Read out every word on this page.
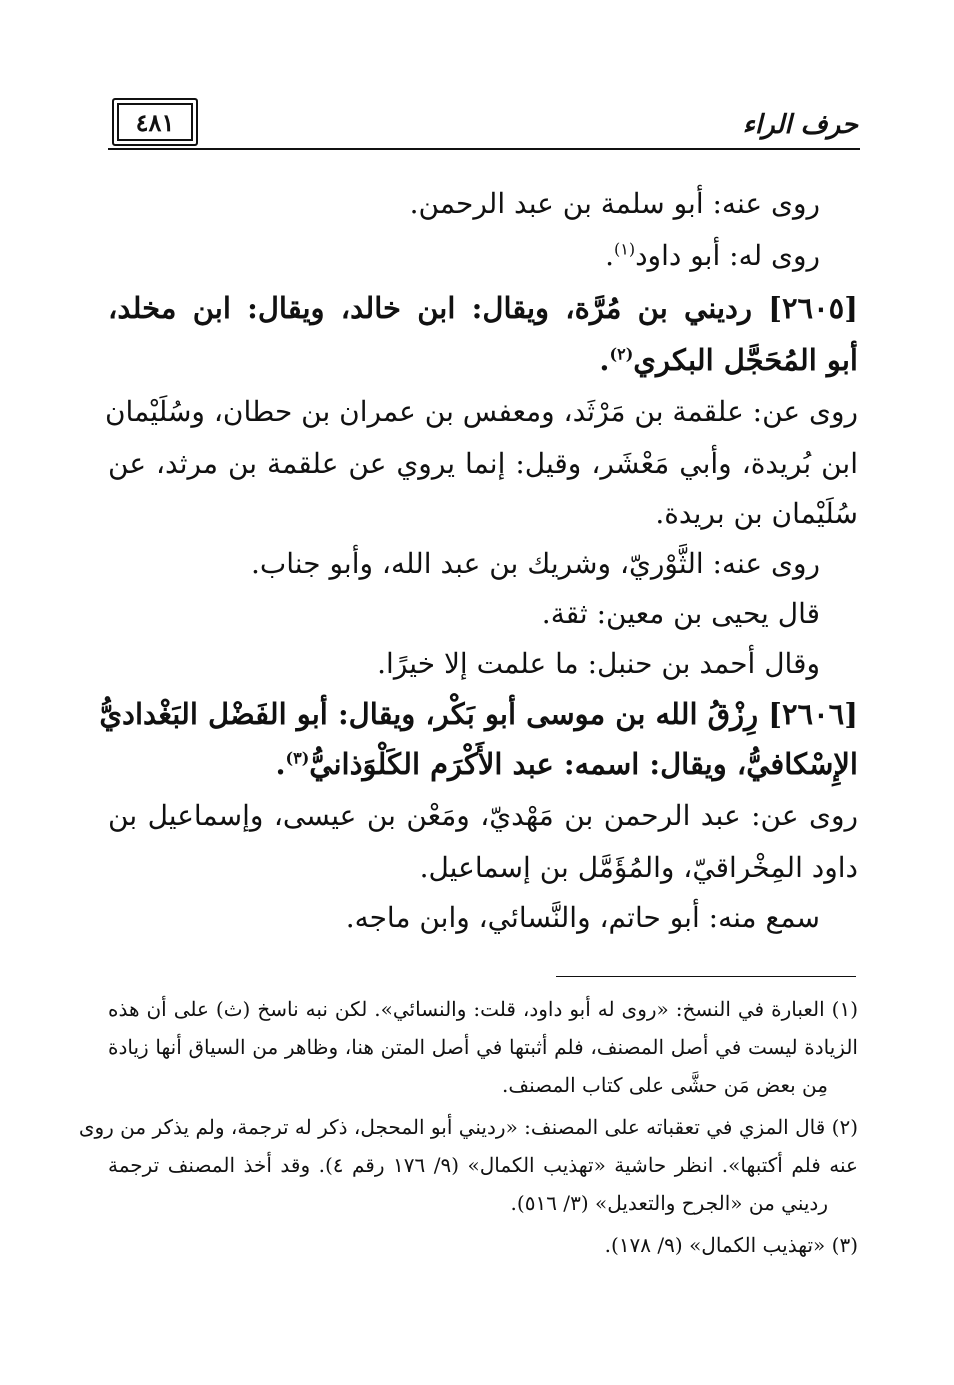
٤٨١	حرف الراء
روى عنه: أبو سلمة بن عبد الرحمن.
روى له: أبو داود$^{(١)}$.
[٢٦٠٥] رديني بن مُرَّة، ويقال: ابن خالد، ويقال: ابن مخلد،
أبو المُحَجَّل البكري$^{(٢)}$.
روى عن: علقمة بن مَرْثَد، ومعفس بن عمران بن حطان، وسُلَيْمان
ابن بُريدة، وأبي مَعْشَر، وقيل: إنما يروي عن علقمة بن مرثد، عن
سُلَيْمان بن بريدة.
روى عنه: الثَّوْريّ، وشريك بن عبد الله، وأبو جناب.
قال يحيى بن معين: ثقة.
وقال أحمد بن حنبل: ما علمت إلا خيرًا.
[٢٦٠٦] رِزْقُ الله بن موسى أبو بَكْر، ويقال: أبو الفَضْل البَغْداديُّ
الإِسْكافيُّ، ويقال: اسمه: عبد الأَكْرَم الكَلْوَذانيُّ$^{(٣)}$.
روى عن: عبد الرحمن بن مَهْديّ، ومَعْن بن عيسى، وإسماعيل بن
داود المِخْراقيّ، والمُؤَمَّل بن إسماعيل.
سمع منه: أبو حاتم، والنَّسائي، وابن ماجه.
(١) العبارة في النسخ: «روى له أبو داود، قلت: والنسائي». لكن نبه ناسخ (ث) على أن هذه
الزيادة ليست في أصل المصنف، فلم أثبتها في أصل المتن هنا، وظاهر من السياق أنها زيادة
مِن بعض مَن حشَّى على كتاب المصنف.
(٢) قال المزي في تعقباته على المصنف: «رديني أبو المحجل، ذكر له ترجمة، ولم يذكر من روى
عنه فلم أكتبها». انظر حاشية «تهذيب الكمال» (٩/ ١٧٦ رقم ٤). وقد أخذ المصنف ترجمة
رديني من «الجرح والتعديل» (٣/ ٥١٦).
(٣) «تهذيب الكمال» (٩/ ١٧٨).
